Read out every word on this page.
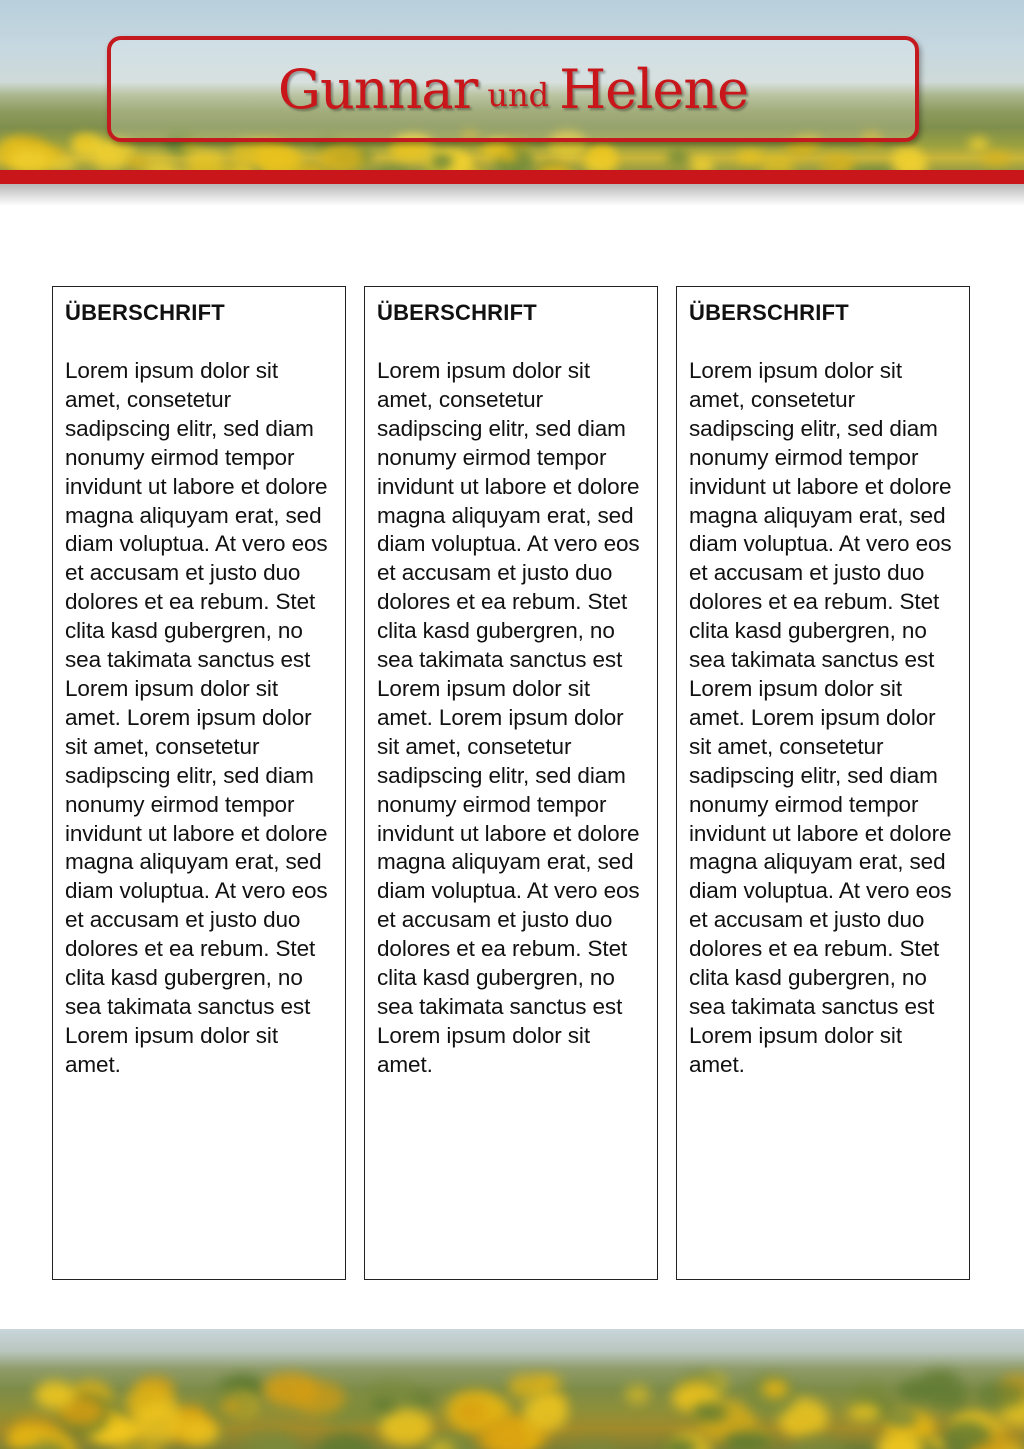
Gunnar und Helene

ÜBERSCHRIFT

Lorem ipsum dolor sit amet, consetetur sadipscing elitr, sed diam nonumy eirmod tempor invidunt ut labore et dolore magna aliquyam erat, sed diam voluptua. At vero eos et accusam et justo duo dolores et ea rebum. Stet clita kasd gubergren, no sea takimata sanctus est Lorem ipsum dolor sit amet. Lorem ipsum dolor sit amet, consetetur sadipscing elitr, sed diam nonumy eirmod tempor invidunt ut labore et dolore magna aliquyam erat, sed diam voluptua. At vero eos et accusam et justo duo dolores et ea rebum. Stet clita kasd gubergren, no sea takimata sanctus est Lorem ipsum dolor sit amet.

ÜBERSCHRIFT

Lorem ipsum dolor sit amet, consetetur sadipscing elitr, sed diam nonumy eirmod tempor invidunt ut labore et dolore magna aliquyam erat, sed diam voluptua. At vero eos et accusam et justo duo dolores et ea rebum. Stet clita kasd gubergren, no sea takimata sanctus est Lorem ipsum dolor sit amet. Lorem ipsum dolor sit amet, consetetur sadipscing elitr, sed diam nonumy eirmod tempor invidunt ut labore et dolore magna aliquyam erat, sed diam voluptua. At vero eos et accusam et justo duo dolores et ea rebum. Stet clita kasd gubergren, no sea takimata sanctus est Lorem ipsum dolor sit amet.

ÜBERSCHRIFT

Lorem ipsum dolor sit amet, consetetur sadipscing elitr, sed diam nonumy eirmod tempor invidunt ut labore et dolore magna aliquyam erat, sed diam voluptua. At vero eos et accusam et justo duo dolores et ea rebum. Stet clita kasd gubergren, no sea takimata sanctus est Lorem ipsum dolor sit amet. Lorem ipsum dolor sit amet, consetetur sadipscing elitr, sed diam nonumy eirmod tempor invidunt ut labore et dolore magna aliquyam erat, sed diam voluptua. At vero eos et accusam et justo duo dolores et ea rebum. Stet clita kasd gubergren, no sea takimata sanctus est Lorem ipsum dolor sit amet.
